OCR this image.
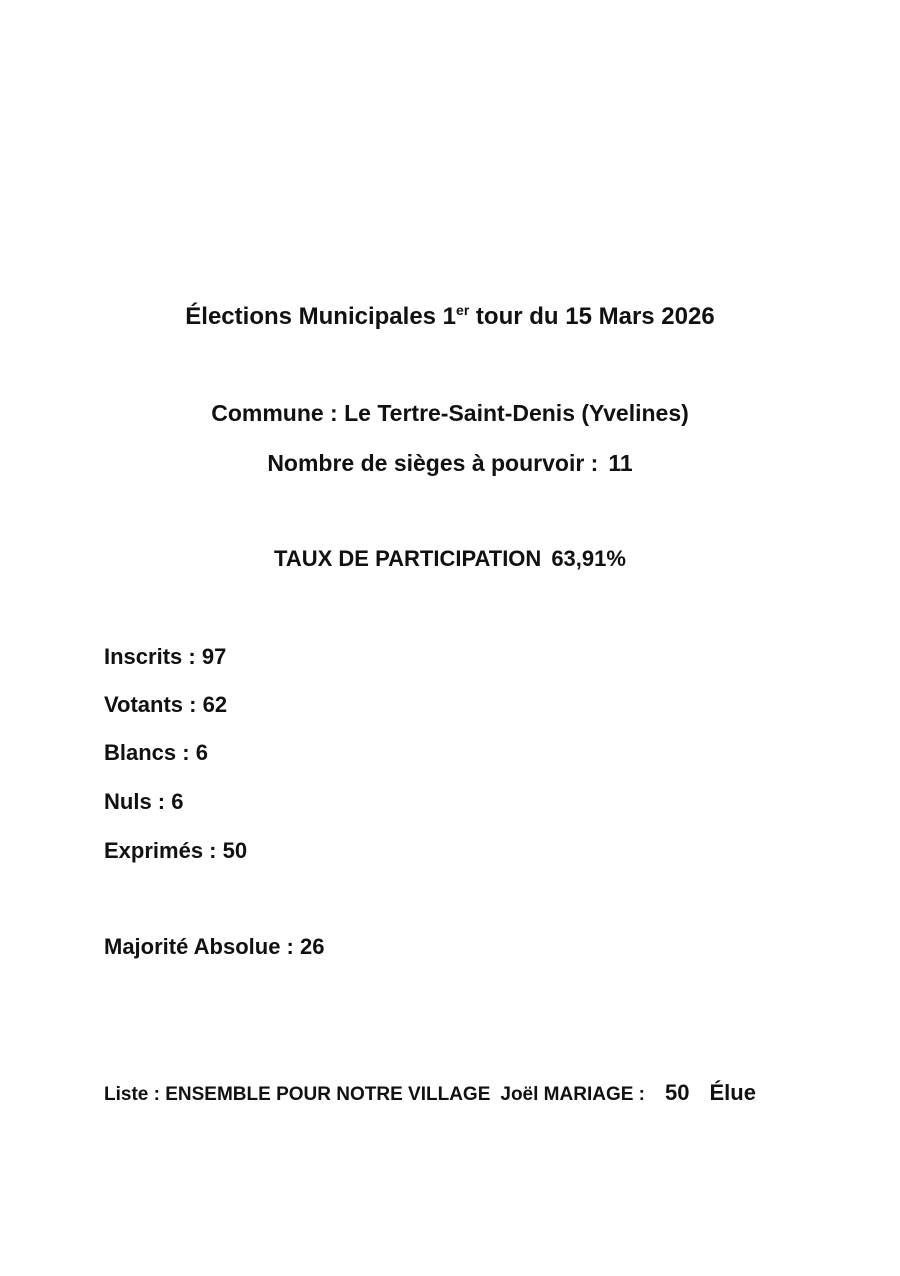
Élections Municipales 1er tour du 15 Mars 2026
Commune : Le Tertre-Saint-Denis (Yvelines)
Nombre de sièges à pourvoir : 11
TAUX DE PARTICIPATION 63,91%
Inscrits : 97
Votants : 62
Blancs : 6
Nuls : 6
Exprimés : 50
Majorité Absolue : 26
Liste : ENSEMBLE POUR NOTRE VILLAGE Joël MARIAGE : 50 Élue
